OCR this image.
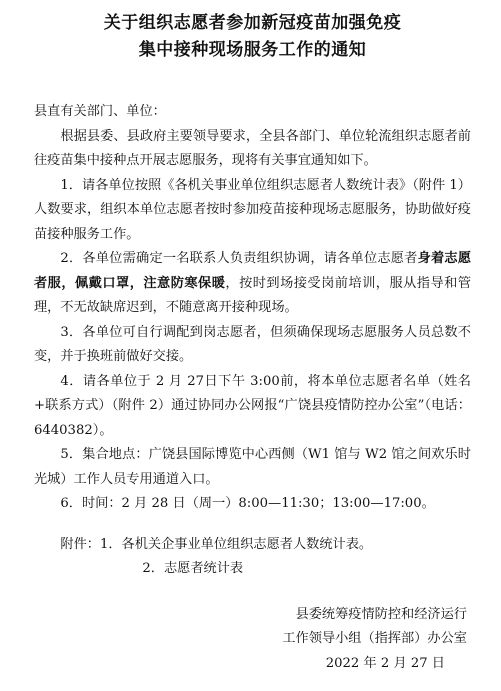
关于组织志愿者参加新冠疫苗加强免疫
集中接种现场服务工作的通知

县直有关部门、单位：

根据县委、县政府主要领导要求，全县各部门、单位轮流组织志愿者前往疫苗集中接种点开展志愿服务，现将有关事宜通知如下。

1．请各单位按照《各机关事业单位组织志愿者人数统计表》（附件 1）人数要求，组织本单位志愿者按时参加疫苗接种现场志愿服务，协助做好疫苗接种服务工作。

2．各单位需确定一名联系人负责组织协调，请各单位志愿者身着志愿者服，佩戴口罩，注意防寒保暖，按时到场接受岗前培训，服从指导和管理，不无故缺席迟到，不随意离开接种现场。

3．各单位可自行调配到岗志愿者，但须确保现场志愿服务人员总数不变，并于换班前做好交接。

4．请各单位于 2 月 27日下午 3:00前，将本单位志愿者名单（姓名+联系方式）（附件 2）通过协同办公网报“广饶县疫情防控办公室”（电话：6440382）。

5．集合地点：广饶县国际博览中心西侧（W1 馆与 W2 馆之间欢乐时光城）工作人员专用通道入口。

6．时间：2 月 28 日（周一）8:00—11:30；13:00—17:00。

附件：1．各机关企事业单位组织志愿者人数统计表。
2．志愿者统计表
县委统筹疫情防控和经济运行
工作领导小组（指挥部）办公室
2022 年 2 月 27 日
